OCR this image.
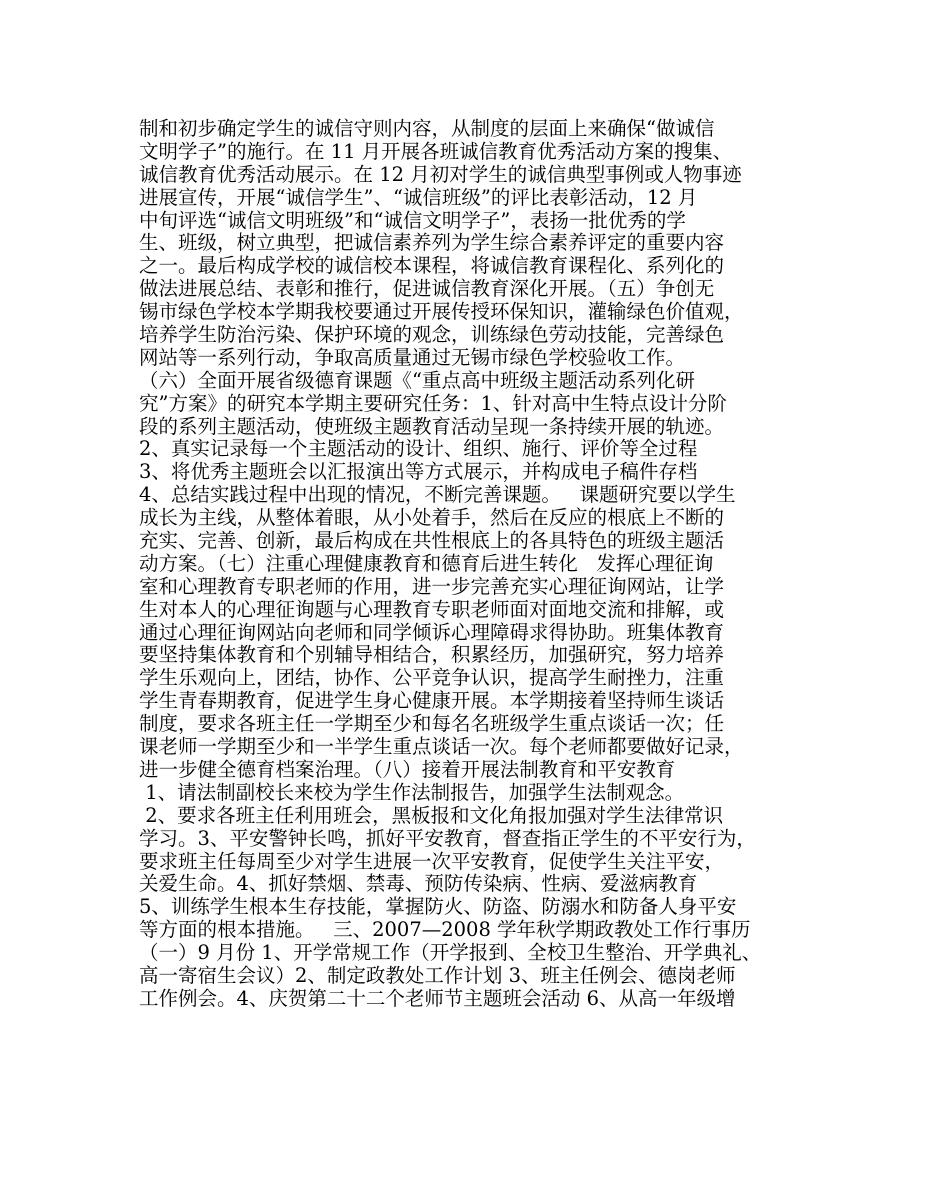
制和初步确定学生的诚信守则内容，从制度的层面上来确保“做诚信
文明学子”的施行。在 11 月开展各班诚信教育优秀活动方案的搜集、
诚信教育优秀活动展示。在 12 月初对学生的诚信典型事例或人物事迹
进展宣传，开展“诚信学生”、“诚信班级”的评比表彰活动，12 月
中旬评选“诚信文明班级”和“诚信文明学子”，表扬一批优秀的学
生、班级，树立典型，把诚信素养列为学生综合素养评定的重要内容
之一。最后构成学校的诚信校本课程，将诚信教育课程化、系列化的
做法进展总结、表彰和推行，促进诚信教育深化开展。（五）争创无
锡市绿色学校本学期我校要通过开展传授环保知识，灌输绿色价值观，
培养学生防治污染、保护环境的观念，训练绿色劳动技能，完善绿色
网站等一系列行动，争取高质量通过无锡市绿色学校验收工作。
（六）全面开展省级德育课题《“重点高中班级主题活动系列化研
究”方案》的研究本学期主要研究任务：1、针对高中生特点设计分阶
段的系列主题活动，使班级主题教育活动呈现一条持续开展的轨迹。
2、真实记录每一个主题活动的设计、组织、施行、评价等全过程
3、将优秀主题班会以汇报演出等方式展示，并构成电子稿件存档
4、总结实践过程中出现的情况，不断完善课题。   课题研究要以学生
成长为主线，从整体着眼，从小处着手，然后在反应的根底上不断的
充实、完善、创新，最后构成在共性根底上的各具特色的班级主题活
动方案。（七）注重心理健康教育和德育后进生转化   发挥心理征询
室和心理教育专职老师的作用，进一步完善充实心理征询网站，让学
生对本人的心理征询题与心理教育专职老师面对面地交流和排解，或
通过心理征询网站向老师和同学倾诉心理障碍求得协助。班集体教育
要坚持集体教育和个别辅导相结合，积累经历，加强研究，努力培养
学生乐观向上，团结，协作、公平竞争认识，提高学生耐挫力，注重
学生青春期教育，促进学生身心健康开展。本学期接着坚持师生谈话
制度，要求各班主任一学期至少和每名名班级学生重点谈话一次；任
课老师一学期至少和一半学生重点谈话一次。每个老师都要做好记录，
进一步健全德育档案治理。（八）接着开展法制教育和平安教育
1、请法制副校长来校为学生作法制报告，加强学生法制观念。
2、要求各班主任利用班会，黑板报和文化角报加强对学生法律常识
学习。3、平安警钟长鸣，抓好平安教育，督查指正学生的不平安行为，
要求班主任每周至少对学生进展一次平安教育，促使学生关注平安，
关爱生命。4、抓好禁烟、禁毒、预防传染病、性病、爱滋病教育
5、训练学生根本生存技能，掌握防火、防盗、防溺水和防备人身平安
等方面的根本措施。   三、2007—2008 学年秋学期政教处工作行事历
（一）9 月份 1、开学常规工作（开学报到、全校卫生整治、开学典礼、
高一寄宿生会议）2、制定政教处工作计划 3、班主任例会、德岗老师
工作例会。4、庆贺第二十二个老师节主题班会活动 6、从高一年级增
